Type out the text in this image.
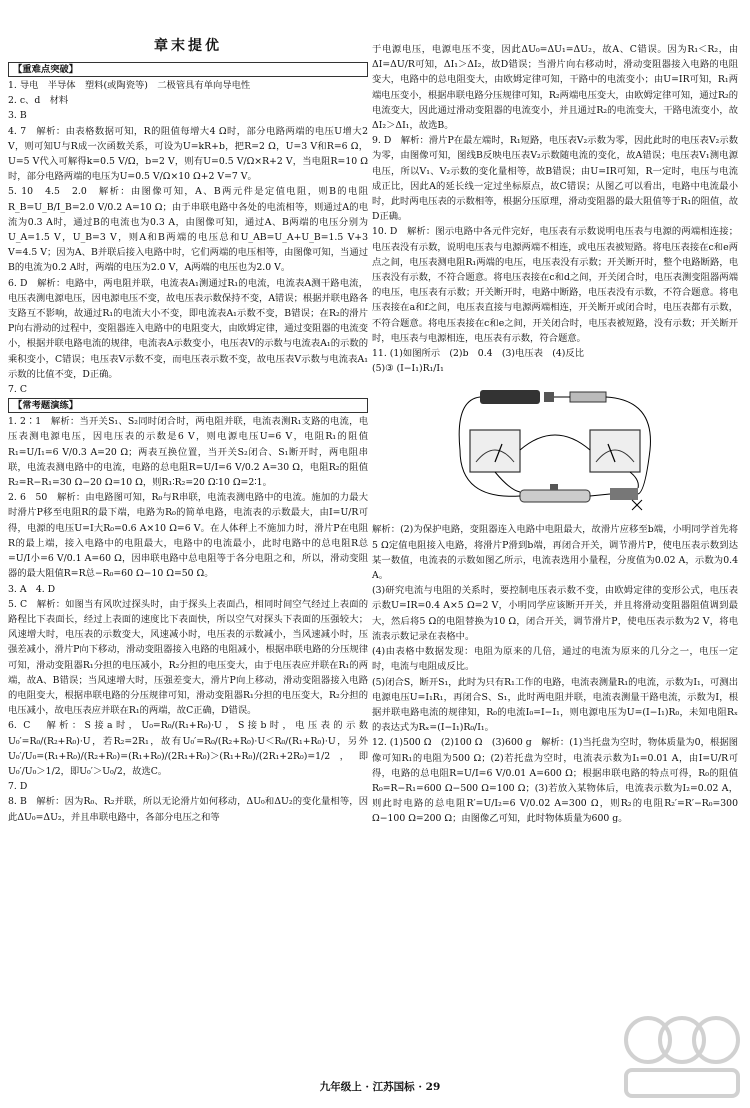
章末提优
【重难点突破】

1. 导电　半导体　塑料(或陶瓷等)　二极管具有单向导电性

2. c、d　材料

3. B

4. 7　解析：由表格数据可知，R的阻值每增大4 Ω时，部分电路两端的电压U增大2 V，则可知U与R成一次函数关系，可设为U=kR+b，把R=2 Ω，U=3 V和R=6 Ω，U=5 V代入可解得k=0.5 V/Ω，b=2 V，则有U=0.5 V/Ω×R+2 V，当电阻R=10 Ω时，部分电路两端的电压为U=0.5 V/Ω×10 Ω+2 V=7 V。

5. 10　4.5　2.0　解析：由图像可知，A、B两元件是定值电阻，则B的电阻R_B=U_B/I_B=2.0 V/0.2 A=10 Ω；由于串联电路中各处的电流相等，则通过A的电流为0.3 A时，通过B的电流也为0.3 A，由图像可知，通过A、B两端的电压分别为U_A=1.5 V，U_B=3 V，则A和B两端的电压总和U_AB=U_A+U_B=1.5 V+3 V=4.5 V；因为A、B并联后接入电路中时，它们两端的电压相等，由图像可知，当通过B的电流为0.2 A时，两端的电压为2.0 V，A两端的电压也为2.0 V。

6. D　解析：电路中，两电阻并联，电流表A₁测通过R₁的电流，电流表A测干路电流，电压表测电源电压，因电源电压不变，故电压表示数保持不变，A错误；根据并联电路各支路互不影响，故通过R₁的电流大小不变，即电流表A₁示数不变，B错误；在R₂的滑片P向右滑动的过程中，变阻器连入电路中的电阻变大，由欧姆定律，通过变阻器的电流变小，根据并联电路电流的规律，电流表A示数变小，电压表V的示数与电流表A₁的示数的乘积变小，C错误；电压表V示数不变，而电压表示数不变，故电压表V示数与电流表A₁示数的比值不变，D正确。

7. C

【常考题演练】

1. 2∶1　解析：当开关S₁、S₂同时闭合时，两电阻并联，电流表测R₁支路的电流，电压表测电源电压，因电压表的示数是6 V，则电源电压U=6 V，电阻R₁的阻值R₁=U/I₁=6 V/0.3 A=20 Ω；两表互换位置，当开关S₂闭合、S₁断开时，两电阻串联，电流表测电路中的电流，电路的总电阻R=U/I=6 V/0.2 A=30 Ω，电阻R₂的阻值R₂=R−R₁=30 Ω−20 Ω=10 Ω，则R₁∶R₂=20 Ω∶10 Ω=2∶1。

2. 6　50　解析：由电路图可知，R₀与R串联，电流表测电路中的电流。施加的力最大时滑片P移至电阻R的最下端，电路为R₀的简单电路，电流表的示数最大，由I=U/R可得，电源的电压U=I大R₀=0.6 A×10 Ω=6 V。在人体秤上不施加力时，滑片P在电阻R的最上端，接入电路中的电阻最大，电路中的电流最小，此时电路中的总电阻R总=U/I小=6 V/0.1 A=60 Ω，因串联电路中总电阻等于各分电阻之和，所以，滑动变阻器的最大阻值R=R总−R₀=60 Ω−10 Ω=50 Ω。

3. A　4. D

5. C　解析：如图当有风吹过探头时，由于探头上表面凸，相同时间空气经过上表面的路程比下表面长，经过上表面的速度比下表面快，所以空气对探头下表面的压强较大；风速增大时，电压表的示数变大，风速减小时，电压表的示数减小，当风速减小时，压强差减小，滑片P向下移动，滑动变阻器接入电路的电阻减小，根据串联电路的分压规律可知，滑动变阻器R₁分担的电压减小，R₂分担的电压变大，由于电压表应并联在R₁的两端，故A、B错误；当风速增大时，压强差变大，滑片P向上移动，滑动变阻器接入电路的电阻变大，根据串联电路的分压规律可知，滑动变阻器R₁分担的电压变大，R₂分担的电压减小，故电压表应并联在R₁的两端，故C正确，D错误。

6. C　解析：S接a时，U₀=R₀/(R₁+R₀)·U，S接b时，电压表的示数U₀′=R₀/(R₂+R₀)·U，若R₂=2R₁，故有U₀′=R₀/(R₂+R₀)·U＜R₀/(R₁+R₀)·U，另外U₀′/U₀=(R₁+R₀)/(R₂+R₀)=(R₁+R₀)/(2R₁+R₀)＞(R₁+R₀)/(2R₁+2R₀)=1/2，即U₀′/U₀＞1/2，即U₀′＞U₀/2，故选C。

7. D

8. B　解析：因为R₀、R₂并联，所以无论滑片如何移动，ΔU₀和ΔU₂的变化量相等，因此ΔU₀=ΔU₂，并且串联电路中，各部分电压之和等

于电源电压，电源电压不变，因此ΔU₀=ΔU₁=ΔU₂，故A、C错误。因为R₁＜R₂，由ΔI=ΔU/R可知，ΔI₁＞ΔI₂，故D错误；当滑片向右移动时，滑动变阻器接入电路的电阻变大，电路中的总电阻变大，由欧姆定律可知，干路中的电流变小；由U=IR可知，R₁两端电压变小，根据串联电路分压规律可知，R₂两端电压变大，由欧姆定律可知，通过R₂的电流变大，因此通过滑动变阻器的电流变小，并且通过R₂的电流变大，干路电流变小，故ΔI₂＞ΔI₁，故选B。

9. D　解析：滑片P在最左端时，R₁短路，电压表V₂示数为零，因此此时的电压表V₂示数为零，由图像可知，图线B反映电压表V₂示数随电流的变化，故A错误；电压表V₁测电源电压，所以V₁、V₂示数的变化量相等，故B错误；由U=IR可知，R一定时，电压与电流成正比，因此A的延长线一定过坐标原点，故C错误；从图乙可以看出，电路中电流最小时，此时两电压表的示数相等，根据分压原理，滑动变阻器的最大阻值等于R₁的阻值，故D正确。

10. D　解析：图示电路中各元件完好，电压表有示数说明电压表与电源的两端相连接；电压表没有示数，说明电压表与电源两端不相连，或电压表被短路。将电压表接在c和e两点之间，电压表测电阻R₁两端的电压，电压表没有示数；开关断开时，整个电路断路，电压表没有示数，不符合题意。将电压表接在c和d之间，开关闭合时，电压表测变阻器两端的电压，电压表有示数；开关断开时，电路中断路，电压表没有示数，不符合题意。将电压表接在a和f之间，电压表直接与电源两端相连，开关断开或闭合时，电压表都有示数，不符合题意。将电压表接在c和e之间，开关闭合时，电压表被短路，没有示数；开关断开时，电压表与电源相连，电压表有示数，符合题意。

11. (1)如图所示　(2)b　0.4　(3)电压表　(4)反比

(5)③ (I−I₁)R₁/I₁

解析：(2)为保护电路，变阻器连入电路中电阻最大，故滑片应移至b端，小明同学首先将5 Ω定值电阻接入电路，将滑片P滑到b端，再闭合开关，调节滑片P，使电压表示数到达某一数值，电流表的示数如图乙所示，电流表选用小量程，分度值为0.02 A，示数为0.4 A。

(3)研究电流与电阻的关系时，要控制电压表示数不变，由欧姆定律的变形公式，电压表示数U=IR=0.4 A×5 Ω=2 V，小明同学应该断开开关，并且将滑动变阻器阻值调到最大，然后将5 Ω的电阻替换为10 Ω，闭合开关，调节滑片P，使电压表示数为2 V，将电流表示数记录在表格中。

(4)由表格中数据发现：电阻为原来的几倍，通过的电流为原来的几分之一，电压一定时，电流与电阻成反比。

(5)闭合S，断开S₁，此时为只有R₁工作的电路，电流表测量R₁的电流，示数为I₁，可测出电源电压U=I₁R₁，再闭合S、S₁，此时两电阻并联，电流表测量干路电流，示数为I，根据并联电路电流的规律知，R₀的电流I₀=I−I₁，则电源电压为U=(I−I₁)R₀，未知电阻Rₓ的表达式为Rₓ=(I−I₁)R₀/I₁。

12. (1)500 Ω　(2)100 Ω　(3)600 g　解析：(1)当托盘为空时，物体质量为0，根据图像可知R₁的电阻为500 Ω；(2)若托盘为空时，电流表示数为I₁=0.01 A，由I=U/R可得，电路的总电阻R=U/I=6 V/0.01 A=600 Ω；根据串联电路的特点可得，R₀的阻值R₀=R−R₁=600 Ω−500 Ω=100 Ω；(3)若放入某物体后，电流表示数为I₂=0.02 A，则此时电路的总电阻R′=U/I₂=6 V/0.02 A=300 Ω，则R₂的电阻R₂′=R′−R₀=300 Ω−100 Ω=200 Ω；由图像乙可知，此时物体质量为600 g。

九年级上 · 江苏国标 · 29
